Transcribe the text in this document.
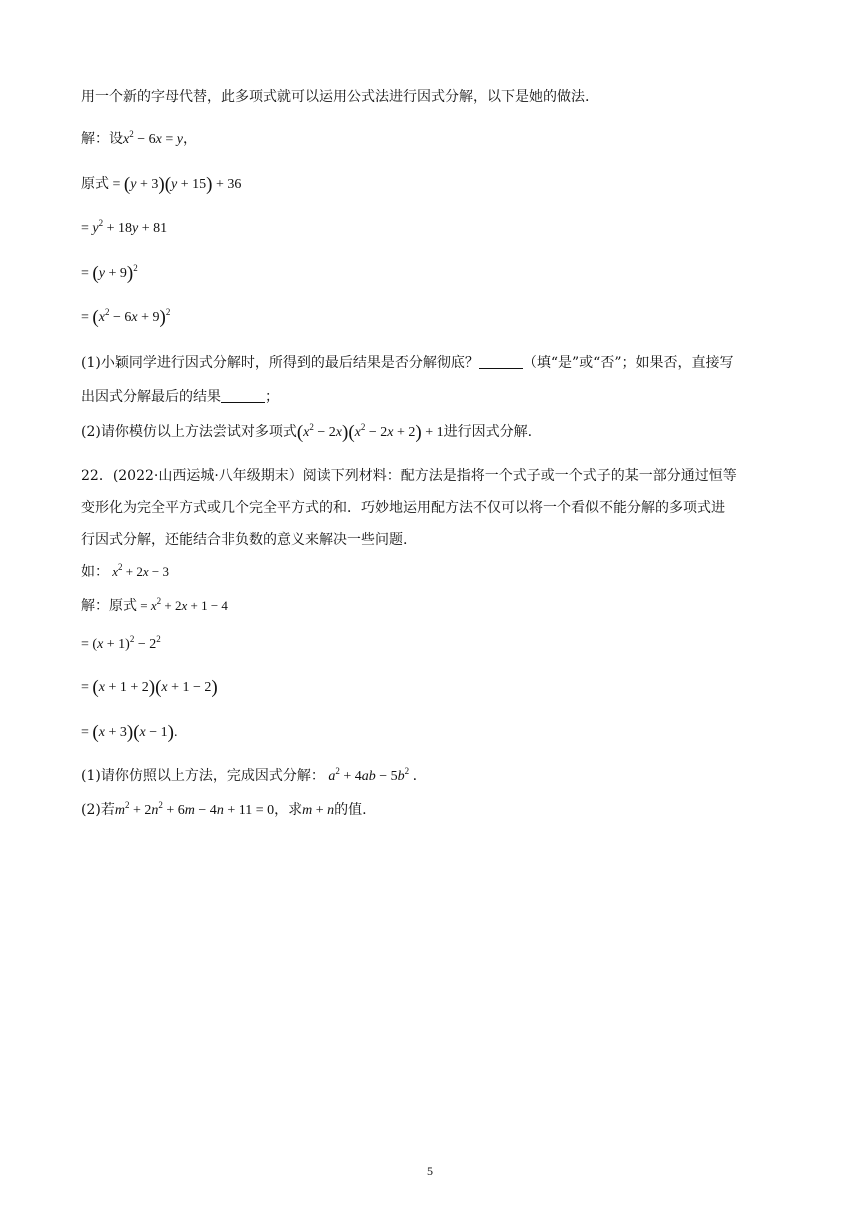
用一个新的字母代替，此多项式就可以运用公式法进行因式分解，以下是她的做法.
解：设$x^2 - 6x = y$，
原式 = (y + 3)(y + 15) + 36
= $y^2 + 18y + 81$
= $(y + 9)^2$
= $(x^2 - 6x + 9)^2$
(1)小颖同学进行因式分解时，所得到的最后结果是否分解彻底？	（填“是”或“否”；如果否，直接写
出因式分解最后的结果	；
(2)请你模仿以上方法尝试对多项式$(x^2 - 2x)(x^2 - 2x + 2) + 1$进行因式分解.
22．(2022·山西运城·八年级期末）阅读下列材料：配方法是指将一个式子或一个式子的某一部分通过恒等
变形化为完全平方式或几个完全平方式的和．巧妙地运用配方法不仅可以将一个看似不能分解的多项式进
行因式分解，还能结合非负数的意义来解决一些问题.
如： $x^2 + 2x - 3$
解：原式 = $x^2 + 2x + 1 - 4$
= $(x + 1)^2 - 2^2$
= (x + 1 + 2)(x + 1 − 2)
= (x + 3)(x − 1).
(1)请你仿照以上方法，完成因式分解： $a^2 + 4ab - 5b^2$ .
(2)若$m^2 + 2n^2 + 6m - 4n + 11 = 0$，求m + n的值.
5
